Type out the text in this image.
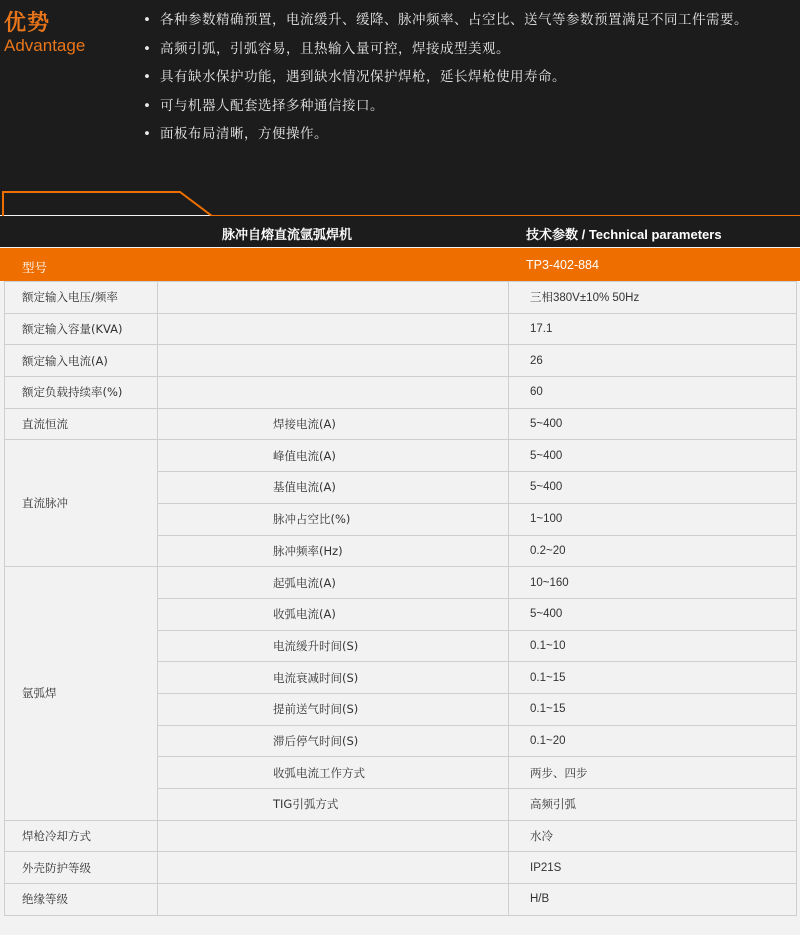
优势
Advantage
• 各种参数精确预置，电流缓升、缓降、脉冲频率、占空比、送气等参数预置满足不同工件需要。
• 高频引弧，引弧容易，且热输入量可控，焊接成型美观。
• 具有缺水保护功能，遇到缺水情况保护焊枪，延长焊枪使用寿命。
• 可与机器人配套选择多种通信接口。
• 面板布局清晰，方便操作。
脉冲自熔直流氩弧焊机	技术参数 / Technical parameters
型号	TP3-402-884
额定输入电压/频率		三相380V±10% 50Hz
额定输入容量(KVA)		17.1
额定输入电流(A)		26
额定负载持续率(%)		60
直流恒流	焊接电流(A)	5~400
直流脉冲	峰值电流(A)	5~400
	基值电流(A)	5~400
	脉冲占空比(%)	1~100
	脉冲频率(Hz)	0.2~20
氩弧焊	起弧电流(A)	10~160
	收弧电流(A)	5~400
	电流缓升时间(S)	0.1~10
	电流衰减时间(S)	0.1~15
	提前送气时间(S)	0.1~15
	滞后停气时间(S)	0.1~20
	收弧电流工作方式	两步、四步
	TIG引弧方式	高频引弧
焊枪冷却方式		水冷
外壳防护等级		IP21S
绝缘等级		H/B
